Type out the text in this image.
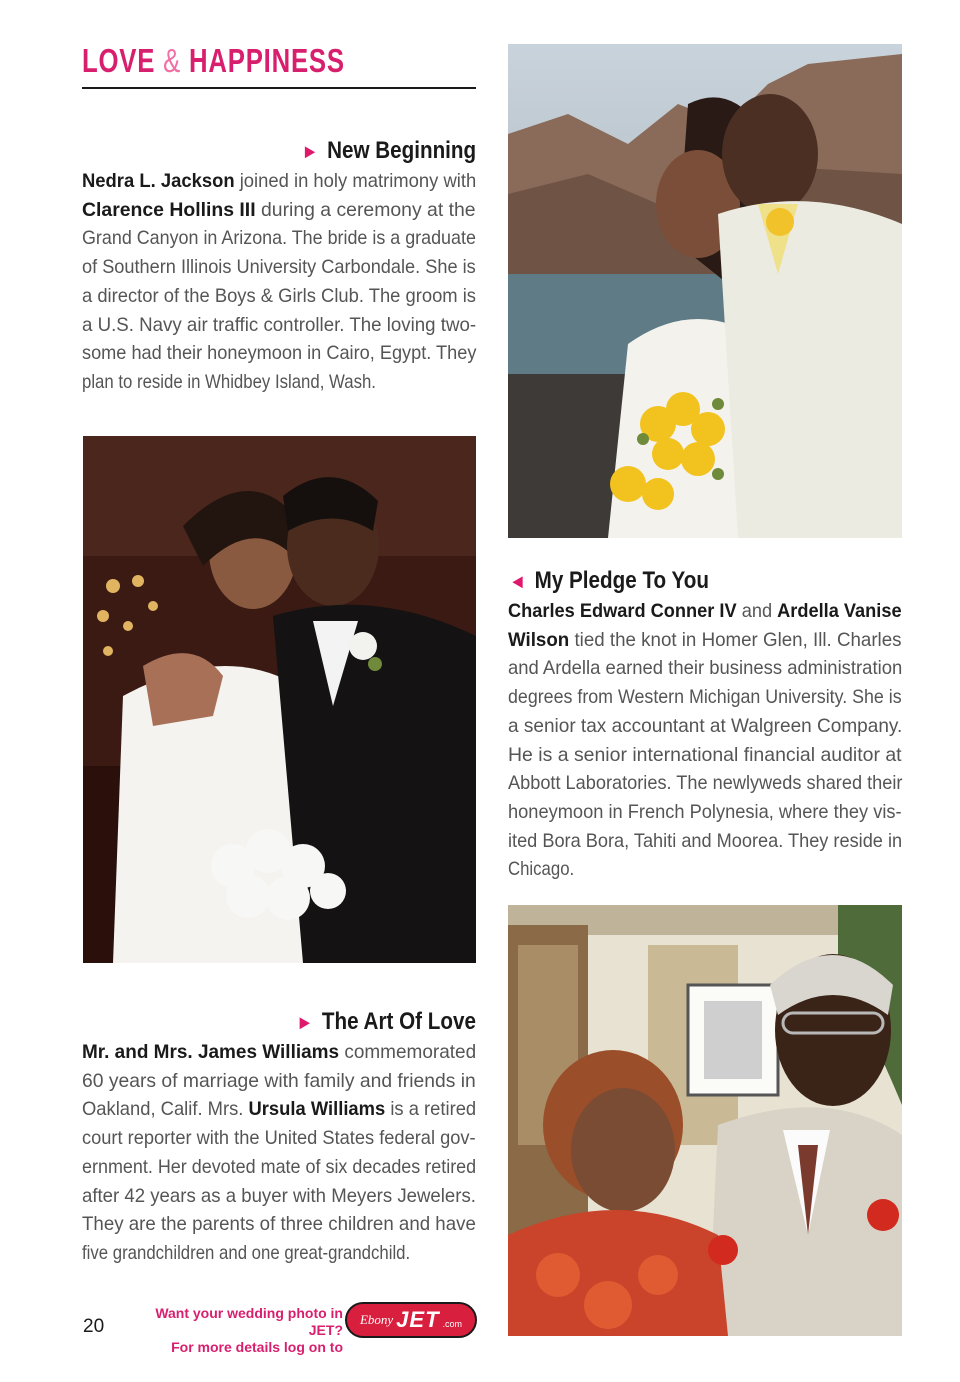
LOVE & HAPPINESS
► New Beginning
Nedra L. Jackson joined in holy matrimony with
Clarence Hollins III during a ceremony at the
Grand Canyon in Arizona. The bride is a graduate
of Southern Illinois University Carbondale. She is
a director of the Boys & Girls Club. The groom is
a U.S. Navy air traffic controller. The loving two-
some had their honeymoon in Cairo, Egypt. They
plan to reside in Whidbey Island, Wash.
◄ My Pledge To You
Charles Edward Conner IV and Ardella Vanise
Wilson tied the knot in Homer Glen, Ill. Charles
and Ardella earned their business administration
degrees from Western Michigan University. She is
a senior tax accountant at Walgreen Company.
He is a senior international financial auditor at
Abbott Laboratories. The newlyweds shared their
honeymoon in French Polynesia, where they vis-
ited Bora Bora, Tahiti and Moorea. They reside in
Chicago.
► The Art Of Love
Mr. and Mrs. James Williams commemorated
60 years of marriage with family and friends in
Oakland, Calif. Mrs. Ursula Williams is a retired
court reporter with the United States federal gov-
ernment. Her devoted mate of six decades retired
after 42 years as a buyer with Meyers Jewelers.
They are the parents of three children and have
five grandchildren and one great-grandchild.
20
Want your wedding photo in JET?
For more details log on to
Ebony JET .com
